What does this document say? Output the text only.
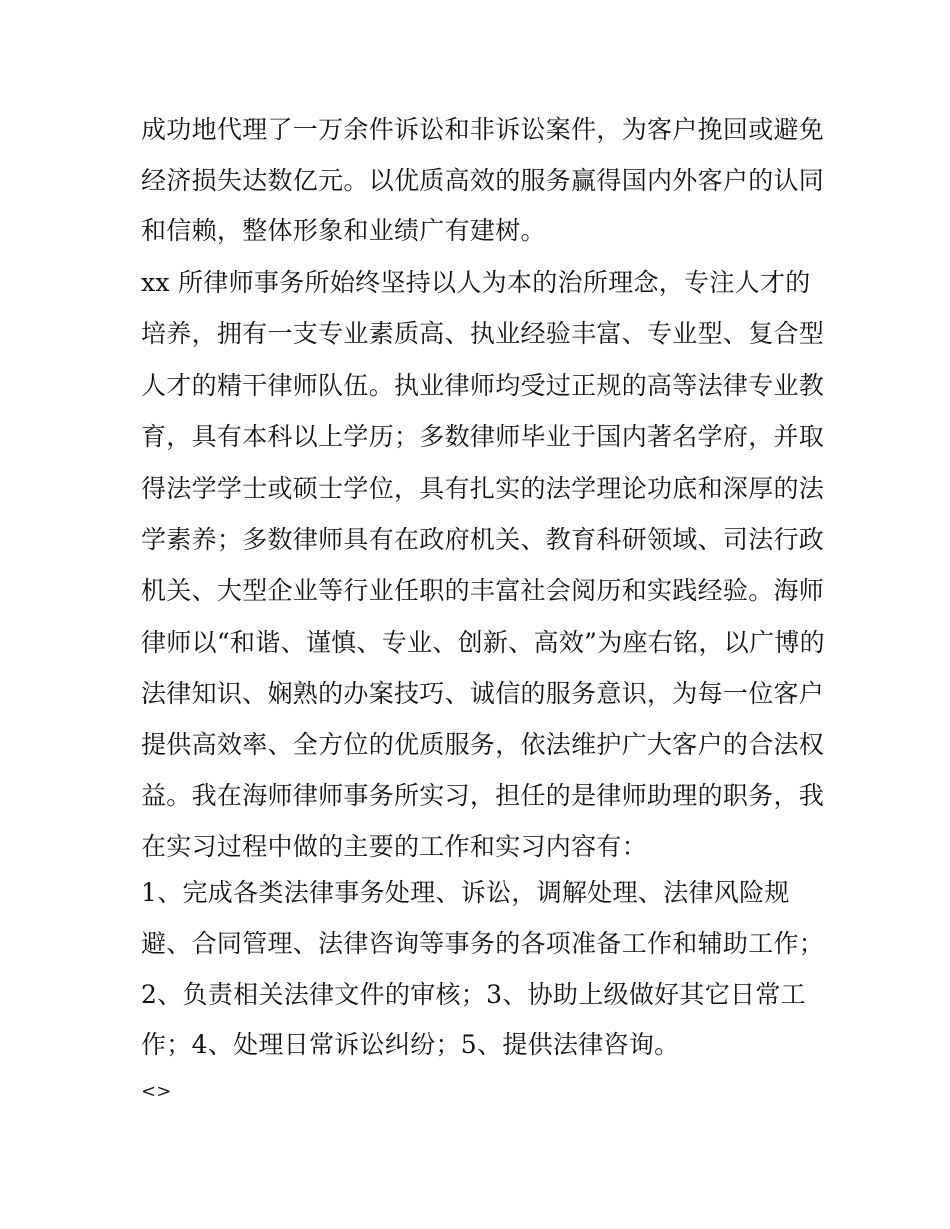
成功地代理了一万余件诉讼和非诉讼案件，为客户挽回或避免
经济损失达数亿元。以优质高效的服务赢得国内外客户的认同
和信赖，整体形象和业绩广有建树。
xx 所律师事务所始终坚持以人为本的治所理念，专注人才的
培养，拥有一支专业素质高、执业经验丰富、专业型、复合型
人才的精干律师队伍。执业律师均受过正规的高等法律专业教
育，具有本科以上学历；多数律师毕业于国内著名学府，并取
得法学学士或硕士学位，具有扎实的法学理论功底和深厚的法
学素养；多数律师具有在政府机关、教育科研领域、司法行政
机关、大型企业等行业任职的丰富社会阅历和实践经验。海师
律师以“和谐、谨慎、专业、创新、高效”为座右铭，以广博的
法律知识、娴熟的办案技巧、诚信的服务意识，为每一位客户
提供高效率、全方位的优质服务，依法维护广大客户的合法权
益。我在海师律师事务所实习，担任的是律师助理的职务，我
在实习过程中做的主要的工作和实习内容有：
1、完成各类法律事务处理、诉讼，调解处理、法律风险规
避、合同管理、法律咨询等事务的各项准备工作和辅助工作；
2、负责相关法律文件的审核；3、协助上级做好其它日常工
作；4、处理日常诉讼纠纷；5、提供法律咨询。
<>
